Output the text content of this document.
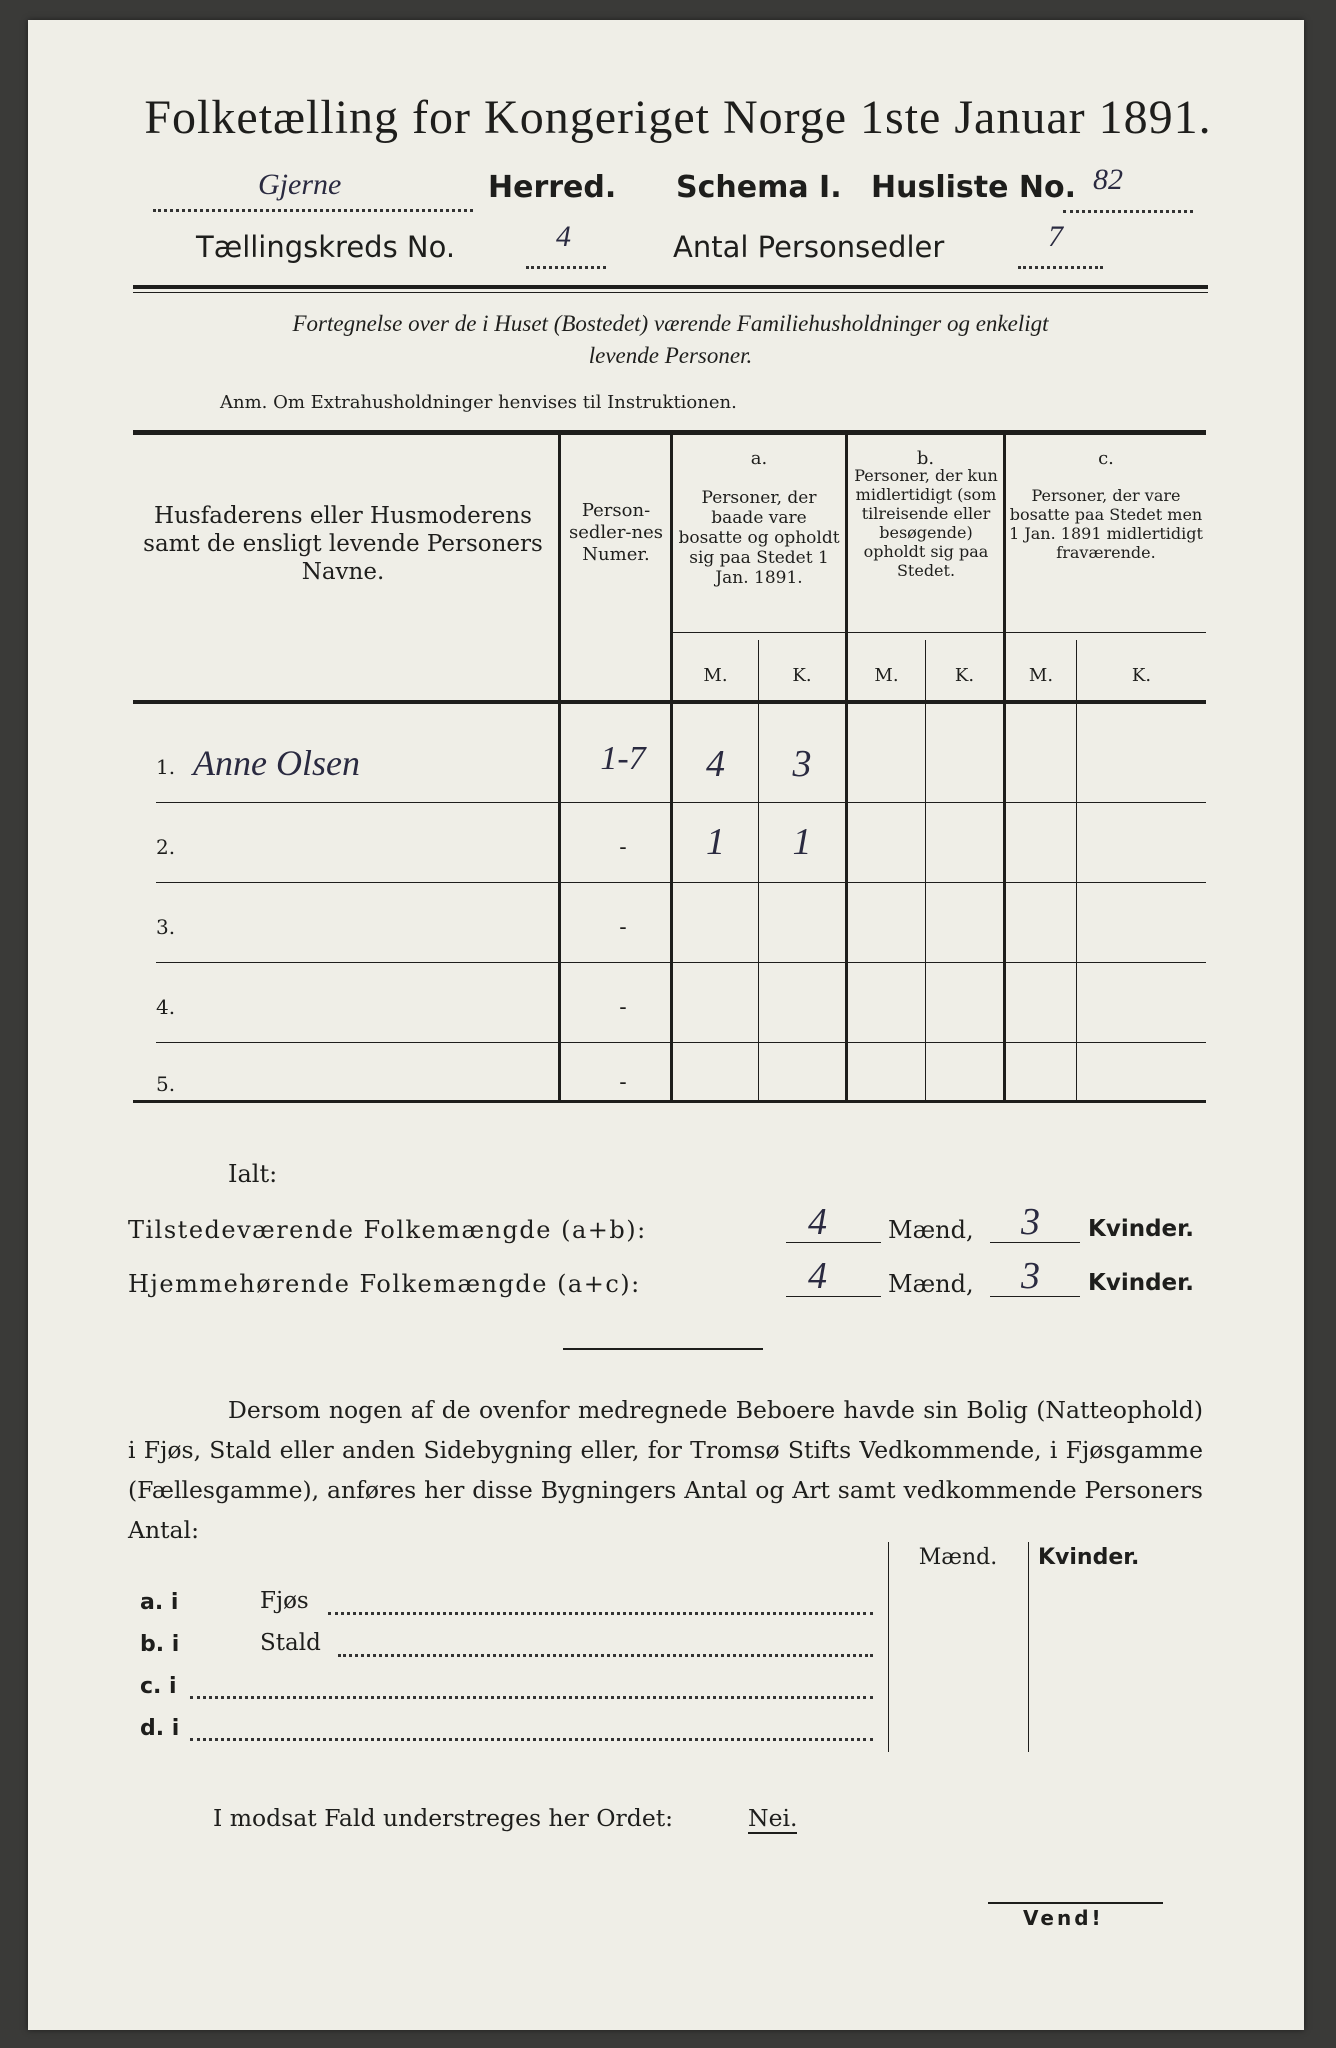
Folketælling for Kongeriget Norge 1ste Januar 1891.
Gjerne	Herred. Schema I. Husliste No. 82
Tællingskreds No.	4	Antal Personsedler	7
Fortegnelse over de i Huset (Bostedet) værende Familiehusholdninger og enkeligt
levende Personer.
Anm. Om Extrahusholdninger henvises til Instruktionen.
Husfaderens eller Husmoderens samt de ensligt levende Personers Navne.
Person-sedler-nes Numer.
a.
Personer, der baade vare bosatte og opholdt sig paa Stedet 1 Jan. 1891.
b.
Personer, der kun midlertidigt (som tilreisende eller besøgende) opholdt sig paa Stedet.
c.
Personer, der vare bosatte paa Stedet men 1 Jan. 1891 midlertidigt fraværende.
M.	K.	M.	K.	M.	K.
1. Anne Olsen	1-7	4	3
2.	-	1	1
3.	-
4.	-
5.	-
Ialt:
Tilstedeværende Folkemængde (a+b):	4	Mænd, 3 Kvinder.
Hjemmehørende Folkemængde (a+c):	4	Mænd, 3 Kvinder.
Dersom nogen af de ovenfor medregnede Beboere havde sin Bolig (Natteophold) i Fjøs, Stald eller anden Sidebygning eller, for Tromsø Stifts Vedkommende, i Fjøsgamme (Fællesgamme), anføres her disse Bygningers Antal og Art samt vedkommende Personers Antal:
Mænd.	Kvinder.
a. i	Fjøs
b. i	Stald
c. i
d. i
I modsat Fald understreges her Ordet:	Nei.
Vend!
